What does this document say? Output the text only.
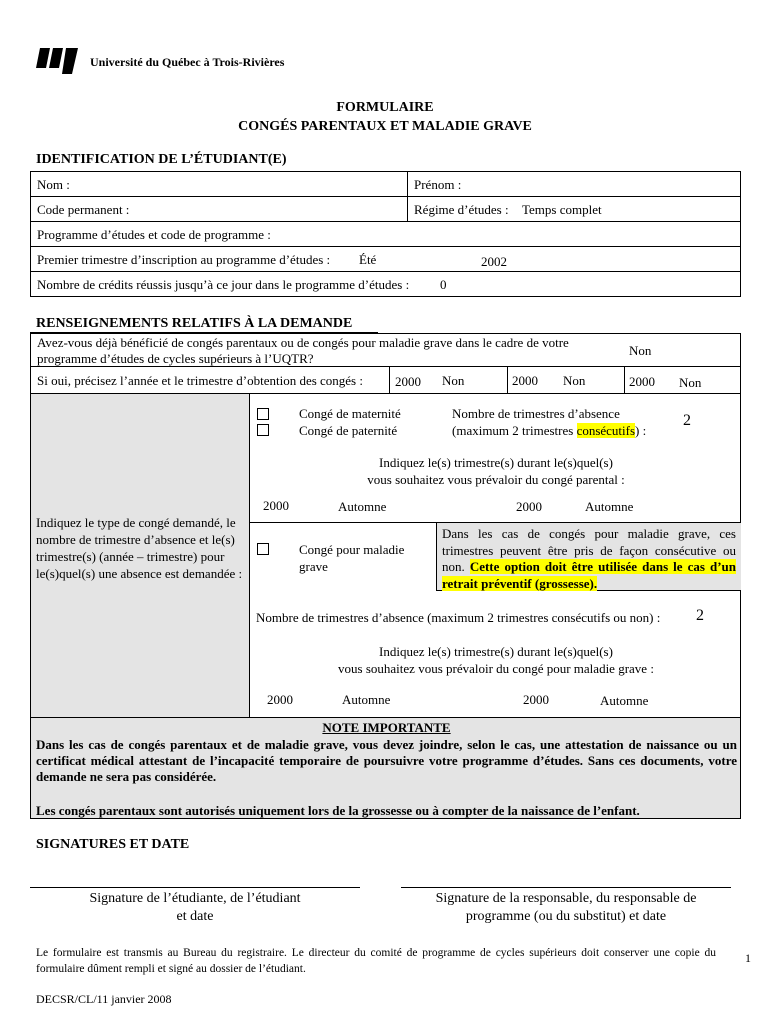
Université du Québec à Trois-Rivières
FORMULAIRE
CONGÉS PARENTAUX ET MALADIE GRAVE
IDENTIFICATION DE L’ÉTUDIANT(E)
Nom :	Prénom :
Code permanent :	Régime d’études : Temps complet
Programme d’études et code de programme :
Premier trimestre d’inscription au programme d’études : Été	2002
Nombre de crédits réussis jusqu’à ce jour dans le programme d’études : 0
RENSEIGNEMENTS RELATIFS À LA DEMANDE
Avez-vous déjà bénéficié de congés parentaux ou de congés pour maladie grave dans le cadre de votre
programme d’études de cycles supérieurs à l’UQTR?
Non
Si oui, précisez l’année et le trimestre d’obtention des congés : 2000 Non	2000 Non	2000 Non
Indiquez le type de congé demandé, le nombre de trimestre d’absence et le(s) trimestre(s) (année – trimestre) pour le(s)quel(s) une absence est demandée :
Congé de maternité
Congé de paternité
Nombre de trimestres d’absence
(maximum 2 trimestres consécutifs) :
2
Indiquez le(s) trimestre(s) durant le(s)quel(s)
vous souhaitez vous prévaloir du congé parental :
2000	Automne	2000	Automne
Congé pour maladie
grave
Dans les cas de congés pour maladie grave, ces trimestres peuvent être pris de façon consécutive ou non. Cette option doit être utilisée dans le cas d’un retrait préventif (grossesse).
Nombre de trimestres d’absence (maximum 2 trimestres consécutifs ou non) : 2
Indiquez le(s) trimestre(s) durant le(s)quel(s)
vous souhaitez vous prévaloir du congé pour maladie grave :
2000	Automne	2000	Automne
NOTE IMPORTANTE
Dans les cas de congés parentaux et de maladie grave, vous devez joindre, selon le cas, une attestation de naissance ou un certificat médical attestant de l’incapacité temporaire de poursuivre votre programme d’études. Sans ces documents, votre demande ne sera pas considérée.
Les congés parentaux sont autorisés uniquement lors de la grossesse ou à compter de la naissance de l’enfant.
SIGNATURES ET DATE
Signature de l’étudiante, de l’étudiant
et date
Signature de la responsable, du responsable de
programme (ou du substitut) et date
Le formulaire est transmis au Bureau du registraire. Le directeur du comité de programme de cycles supérieurs doit conserver une copie du formulaire dûment rempli et signé au dossier de l’étudiant.
1
DECSR/CL/11 janvier 2008
